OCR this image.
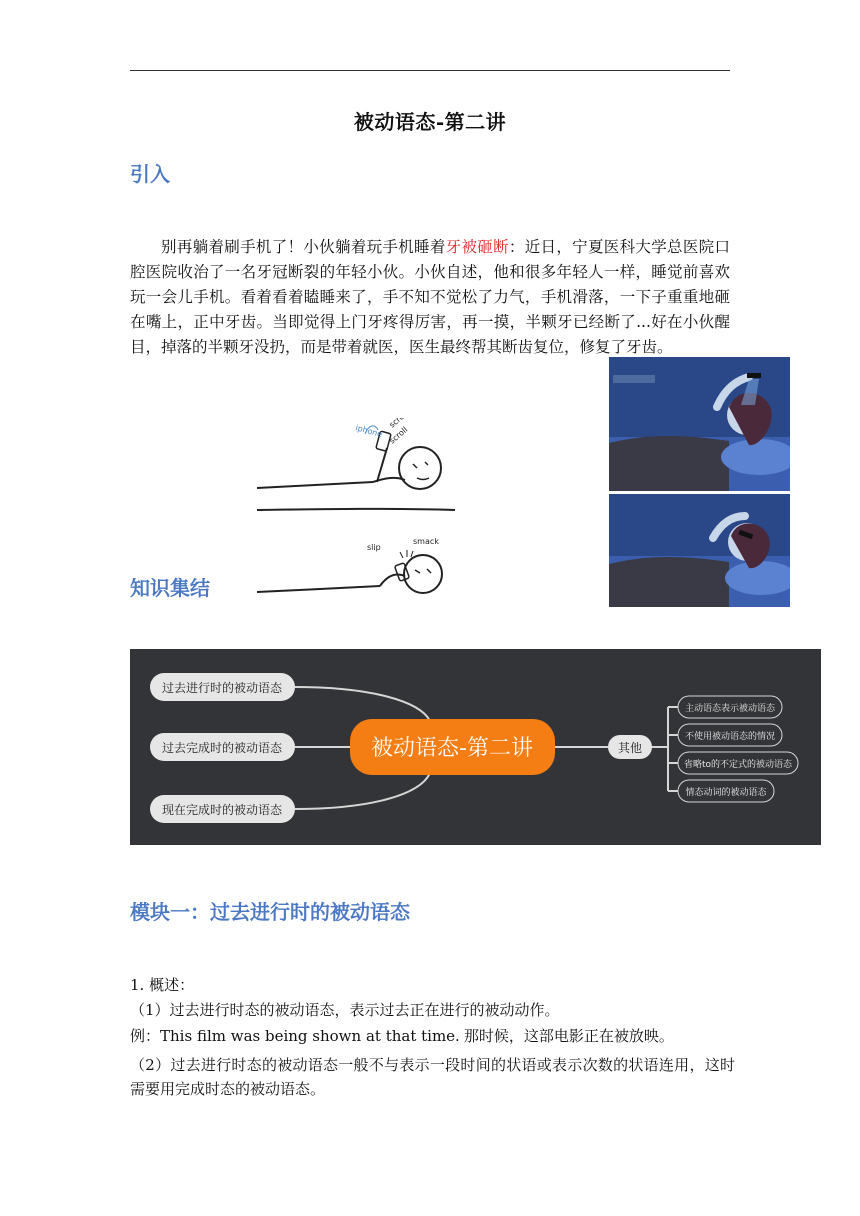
被动语态-第二讲
引入
别再躺着刷手机了！小伙躺着玩手机睡着牙被砸断：近日，宁夏医科大学总医院口腔医院收治了一名牙冠断裂的年轻小伙。小伙自述，他和很多年轻人一样，睡觉前喜欢玩一会儿手机。看着看着瞌睡来了，手不知不觉松了力气，手机滑落，一下子重重地砸在嘴上，正中牙齿。当即觉得上门牙疼得厉害，再一摸，半颗牙已经断了...好在小伙醒目，掉落的半颗牙没扔，而是带着就医，医生最终帮其断齿复位，修复了牙齿。
iphone
scroll
scroll
slip
smack
知识集结
过去进行时的被动语态
过去完成时的被动语态
现在完成时的被动语态
被动语态-第二讲	其他
主动语态表示被动语态
不使用被动语态的情况
省略to的不定式的被动语态
情态动词的被动语态
模块一：过去进行时的被动语态
1. 概述：
（1）过去进行时态的被动语态，表示过去正在进行的被动动作。
例：This film was being shown at that time. 那时候，这部电影正在被放映。
（2）过去进行时态的被动语态一般不与表示一段时间的状语或表示次数的状语连用，这时需要用完成时态的被动语态。
